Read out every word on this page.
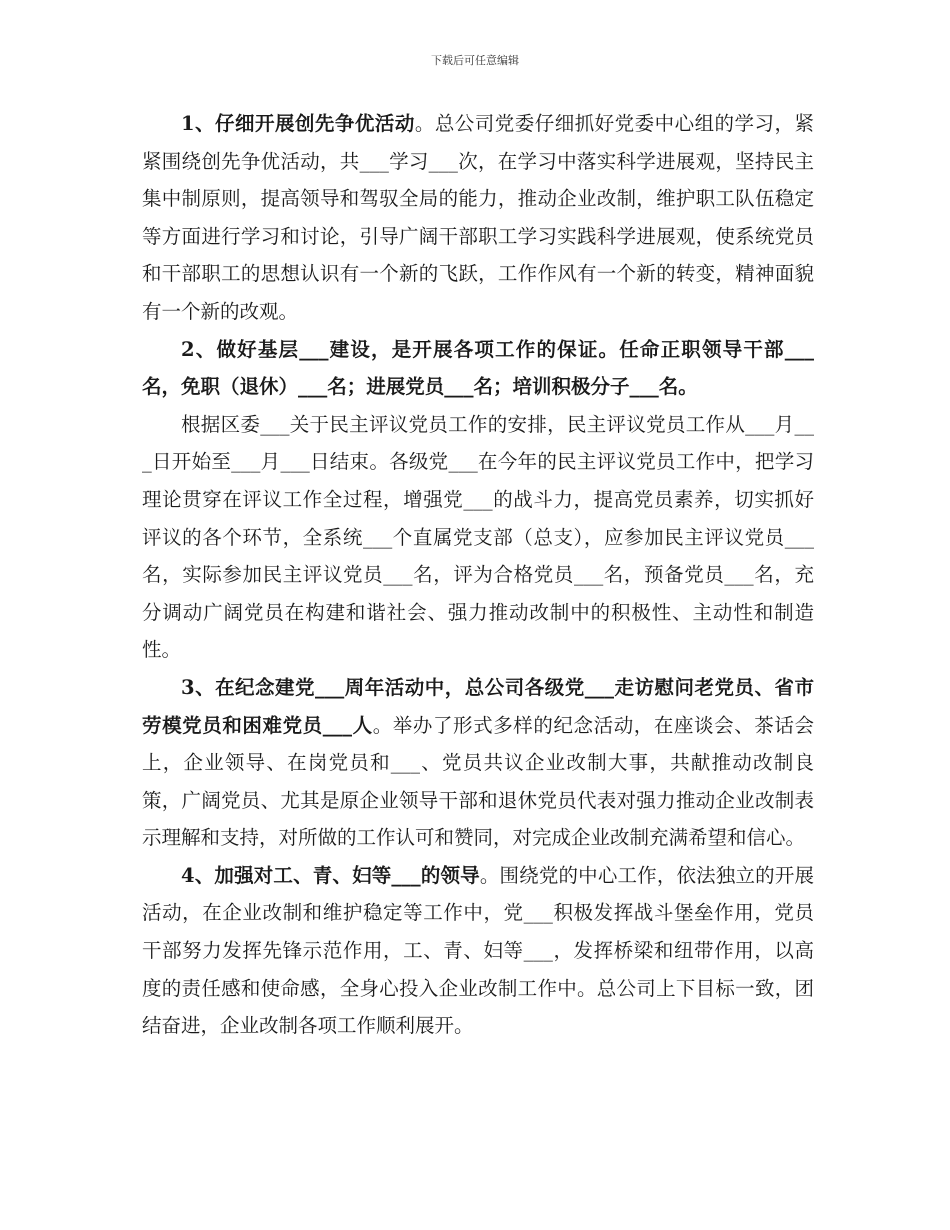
下载后可任意编辑

1、仔细开展创先争优活动。总公司党委仔细抓好党委中心组的学习，紧紧围绕创先争优活动，共___学习___次，在学习中落实科学进展观，坚持民主集中制原则，提高领导和驾驭全局的能力，推动企业改制，维护职工队伍稳定等方面进行学习和讨论，引导广阔干部职工学习实践科学进展观，使系统党员和干部职工的思想认识有一个新的飞跃，工作作风有一个新的转变，精神面貌有一个新的改观。

2、做好基层___建设，是开展各项工作的保证。任命正职领导干部___名，免职（退休）___名；进展党员___名；培训积极分子___名。

根据区委___关于民主评议党员工作的安排，民主评议党员工作从___月___日开始至___月___日结束。各级党___在今年的民主评议党员工作中，把学习理论贯穿在评议工作全过程，增强党___的战斗力，提高党员素养，切实抓好评议的各个环节，全系统___个直属党支部（总支），应参加民主评议党员___名，实际参加民主评议党员___名，评为合格党员___名，预备党员___名，充分调动广阔党员在构建和谐社会、强力推动改制中的积极性、主动性和制造性。

3、在纪念建党___周年活动中，总公司各级党___走访慰问老党员、省市劳模党员和困难党员___人。举办了形式多样的纪念活动，在座谈会、茶话会上，企业领导、在岗党员和___、党员共议企业改制大事，共献推动改制良策，广阔党员、尤其是原企业领导干部和退休党员代表对强力推动企业改制表示理解和支持，对所做的工作认可和赞同，对完成企业改制充满希望和信心。

4、加强对工、青、妇等___的领导。围绕党的中心工作，依法独立的开展活动，在企业改制和维护稳定等工作中，党___积极发挥战斗堡垒作用，党员干部努力发挥先锋示范作用，工、青、妇等___，发挥桥梁和纽带作用，以高度的责任感和使命感，全身心投入企业改制工作中。总公司上下目标一致，团结奋进，企业改制各项工作顺利展开。
